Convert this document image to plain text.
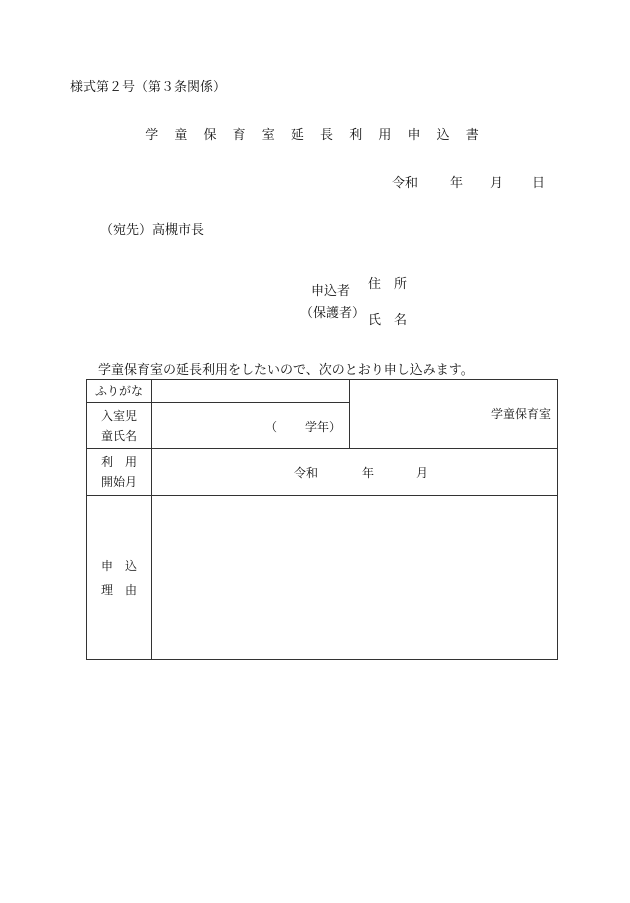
様式第２号（第３条関係）
学 童 保 育 室 延 長 利 用 申 込 書
令和 年 月 日
（宛先）高槻市長
申込者
（保護者）
住　所
氏　名
学童保育室の延長利用をしたいので、次のとおり申し込みます。
ふりがな		学童保育室

入室児
童氏名	（ 学年）	

利　用
開始月	令和 年 月	

申　込
理　由		
